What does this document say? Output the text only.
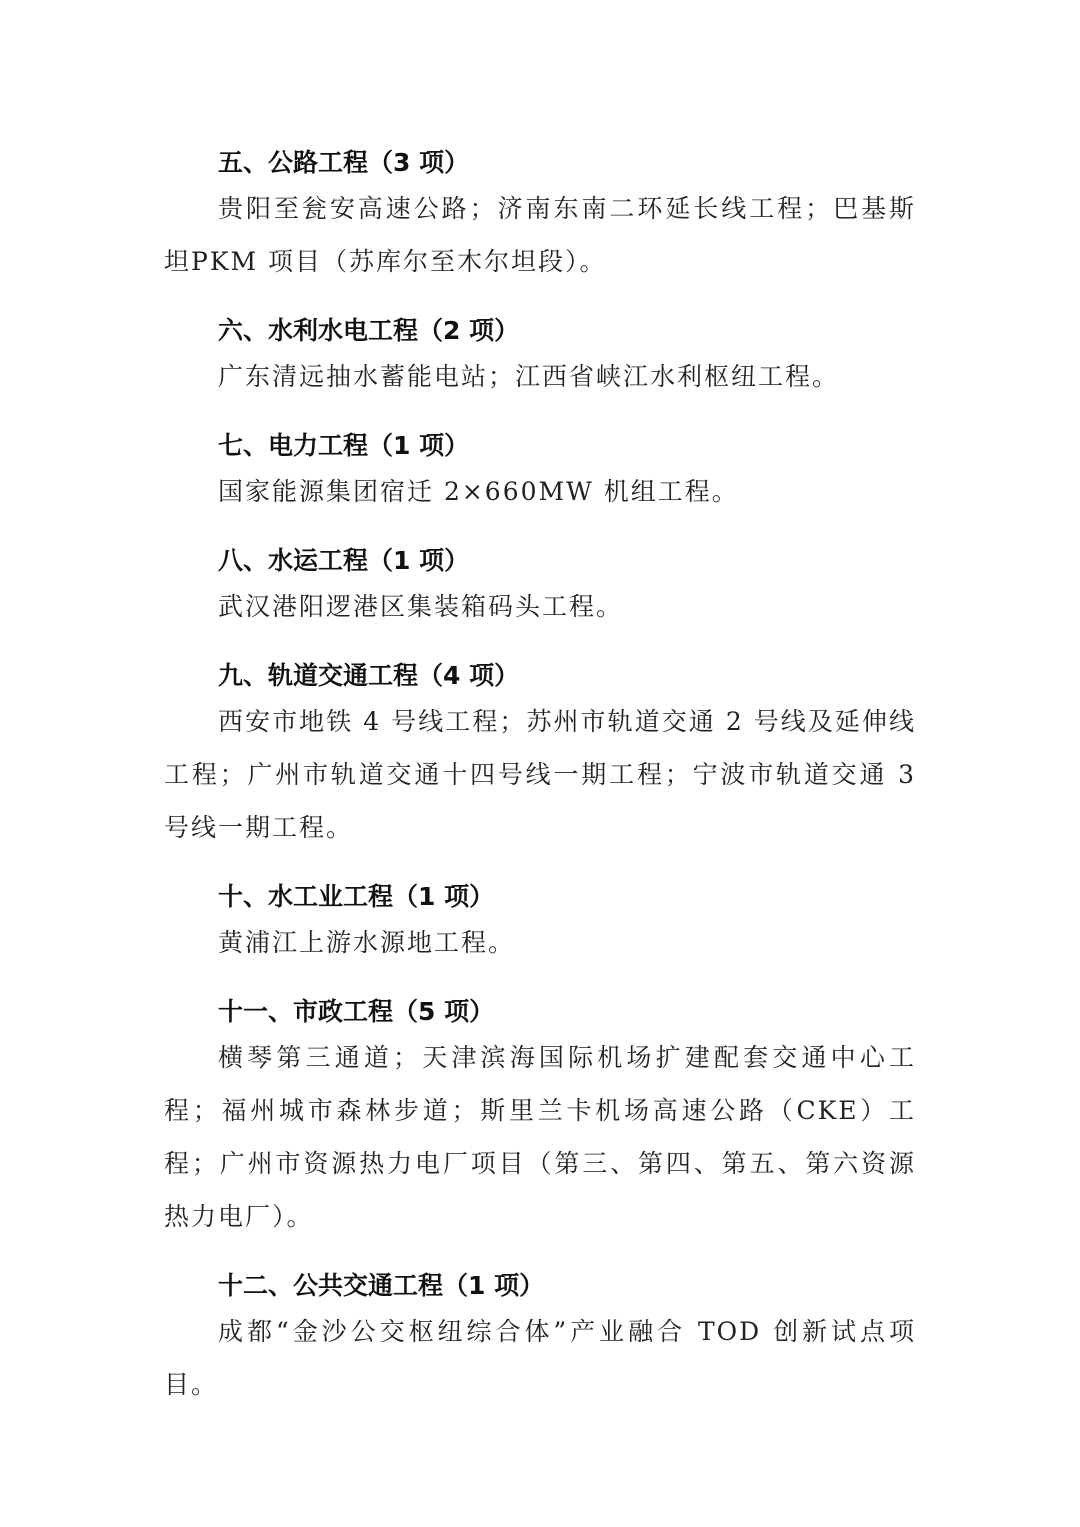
五、公路工程（3 项）
贵阳至瓮安高速公路；济南东南二环延长线工程；巴基斯坦PKM 项目（苏库尔至木尔坦段）。
六、水利水电工程（2 项）
广东清远抽水蓄能电站；江西省峡江水利枢纽工程。
七、电力工程（1 项）
国家能源集团宿迁 2×660MW 机组工程。
八、水运工程（1 项）
武汉港阳逻港区集装箱码头工程。
九、轨道交通工程（4 项）
西安市地铁 4 号线工程；苏州市轨道交通 2 号线及延伸线工程；广州市轨道交通十四号线一期工程；宁波市轨道交通 3 号线一期工程。
十、水工业工程（1 项）
黄浦江上游水源地工程。
十一、市政工程（5 项）
横琴第三通道；天津滨海国际机场扩建配套交通中心工程；福州城市森林步道；斯里兰卡机场高速公路（CKE）工程；广州市资源热力电厂项目（第三、第四、第五、第六资源热力电厂）。
十二、公共交通工程（1 项）
成都“金沙公交枢纽综合体”产业融合 TOD 创新试点项目。
